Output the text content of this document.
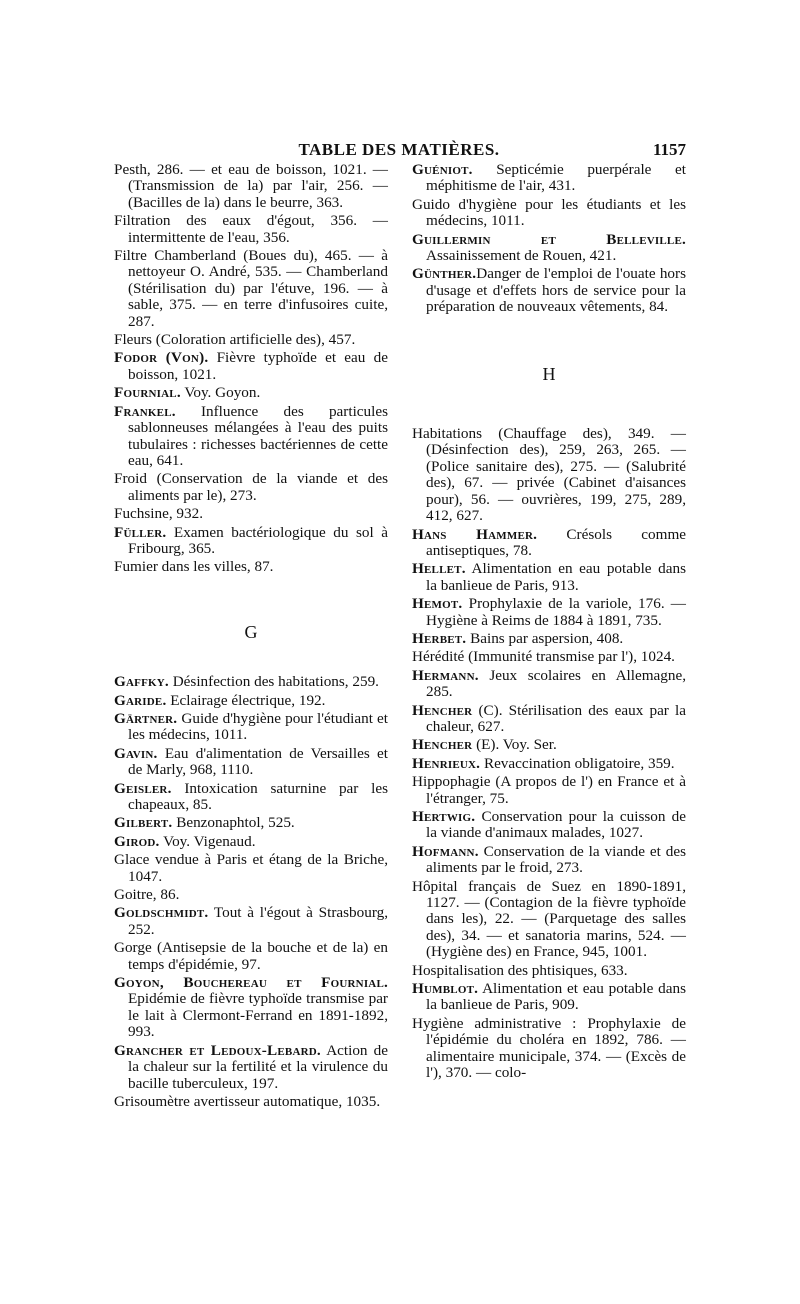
TABLE DES MATIÈRES.	1157

Pesth, 286. — et eau de boisson, 1021. — (Transmission de la) par l'air, 256. — (Bacilles de la) dans le beurre, 363.

Filtration des eaux d'égout, 356. — intermittente de l'eau, 356.

Filtre Chamberland (Boues du), 465. — à nettoyeur O. André, 535. — Chamberland (Stérilisation du) par l'étuve, 196. — à sable, 375. — en terre d'infusoires cuite, 287.

Fleurs (Coloration artificielle des), 457.

Fodor (Von). Fièvre typhoïde et eau de boisson, 1021.

Fournial. Voy. Goyon.

Frankel. Influence des particules sablonneuses mélangées à l'eau des puits tubulaires : richesses bactériennes de cette eau, 641.

Froid (Conservation de la viande et des aliments par le), 273.

Fuchsine, 932.

Füller. Examen bactériologique du sol à Fribourg, 365.

Fumier dans les villes, 87.

G

Gaffky. Désinfection des habitations, 259.

Garide. Eclairage électrique, 192.

Gärtner. Guide d'hygiène pour l'étudiant et les médecins, 1011.

Gavin. Eau d'alimentation de Versailles et de Marly, 968, 1110.

Geisler. Intoxication saturnine par les chapeaux, 85.

Gilbert. Benzonaphtol, 525.

Girod. Voy. Vigenaud.

Glace vendue à Paris et étang de la Briche, 1047.

Goitre, 86.

Goldschmidt. Tout à l'égout à Strasbourg, 252.

Gorge (Antisepsie de la bouche et de la) en temps d'épidémie, 97.

Goyon, Bouchereau et Fournial. Epidémie de fièvre typhoïde transmise par le lait à Clermont-Ferrand en 1891-1892, 993.

Grancher et Ledoux-Lebard. Action de la chaleur sur la fertilité et la virulence du bacille tuberculeux, 197.

Grisoumètre avertisseur automatique, 1035.

Guéniot. Septicémie puerpérale et méphitisme de l'air, 431.

Guido d'hygiène pour les étudiants et les médecins, 1011.

Guillermin et Belleville. Assainissement de Rouen, 421.

Günther.Danger de l'emploi de l'ouate hors d'usage et d'effets hors de service pour la préparation de nouveaux vêtements, 84.

H

Habitations (Chauffage des), 349. — (Désinfection des), 259, 263, 265. — (Police sanitaire des), 275. — (Salubrité des), 67. — privée (Cabinet d'aisances pour), 56. — ouvrières, 199, 275, 289, 412, 627.

Hans Hammer. Crésols comme antiseptiques, 78.

Hellet. Alimentation en eau potable dans la banlieue de Paris, 913.

Hemot. Prophylaxie de la variole, 176. — Hygiène à Reims de 1884 à 1891, 735.

Herbet. Bains par aspersion, 408.

Hérédité (Immunité transmise par l'), 1024.

Hermann. Jeux scolaires en Allemagne, 285.

Hencher (C). Stérilisation des eaux par la chaleur, 627.

Hencher (E). Voy. Ser.

Henrieux. Revaccination obligatoire, 359.

Hippophagie (A propos de l') en France et à l'étranger, 75.

Hertwig. Conservation pour la cuisson de la viande d'animaux malades, 1027.

Hofmann. Conservation de la viande et des aliments par le froid, 273.

Hôpital français de Suez en 1890-1891, 1127. — (Contagion de la fièvre typhoïde dans les), 22. — (Parquetage des salles des), 34. — et sanatoria marins, 524. — (Hygiène des) en France, 945, 1001.

Hospitalisation des phtisiques, 633.

Humblot. Alimentation et eau potable dans la banlieue de Paris, 909.

Hygiène administrative : Prophylaxie de l'épidémie du choléra en 1892, 786. — alimentaire municipale, 374. — (Excès de l'), 370. — colo-
